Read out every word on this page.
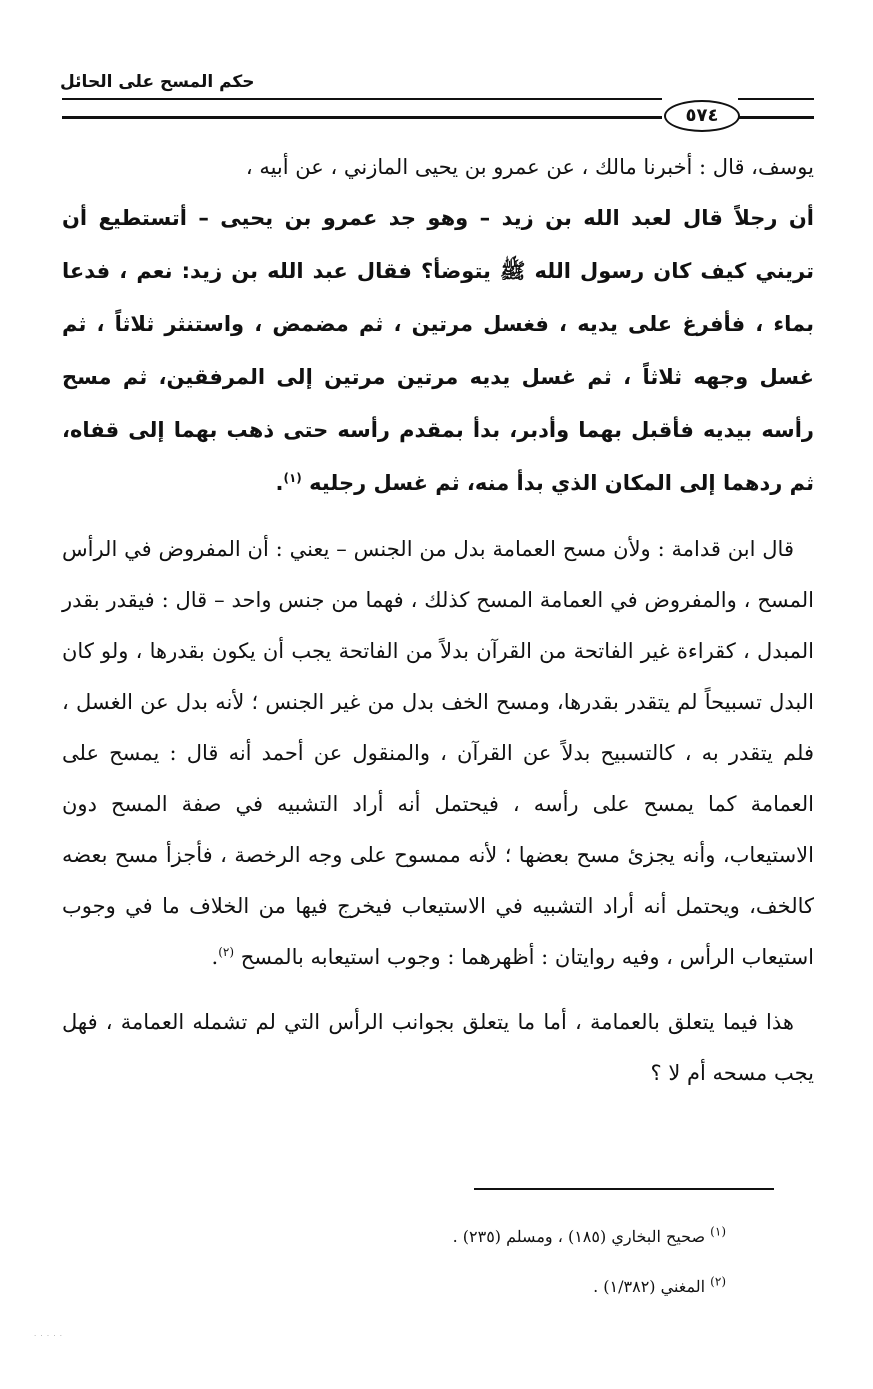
حكم المسح على الحائل
٥٧٤

يوسف، قال : أخبرنا مالك ، عن عمرو بن يحيى المازني ، عن أبيه ،

أن رجلاً قال لعبد الله بن زيد – وهو جد عمرو بن يحيى – أتستطيع أن تريني كيف كان رسول الله ﷺ يتوضأ؟ فقال عبد الله بن زيد: نعم ، فدعا بماء ، فأفرغ على يديه ، فغسل مرتين ، ثم مضمض ، واستنثر ثلاثاً ، ثم غسل وجهه ثلاثاً ، ثم غسل يديه مرتين مرتين إلى المرفقين، ثم مسح رأسه بيديه فأقبل بهما وأدبر، بدأ بمقدم رأسه حتى ذهب بهما إلى قفاه، ثم ردهما إلى المكان الذي بدأ منه، ثم غسل رجليه $^{(١)}$.

قال ابن قدامة : ولأن مسح العمامة بدل من الجنس – يعني : أن المفروض في الرأس المسح ، والمفروض في العمامة المسح كذلك ، فهما من جنس واحد – قال : فيقدر بقدر المبدل ، كقراءة غير الفاتحة من القرآن بدلاً من الفاتحة يجب أن يكون بقدرها ، ولو كان البدل تسبيحاً لم يتقدر بقدرها، ومسح الخف بدل من غير الجنس ؛ لأنه بدل عن الغسل ، فلم يتقدر به ، كالتسبيح بدلاً عن القرآن ، والمنقول عن أحمد أنه قال : يمسح على العمامة كما يمسح على رأسه ، فيحتمل أنه أراد التشبيه في صفة المسح دون الاستيعاب، وأنه يجزئ مسح بعضها ؛ لأنه ممسوح على وجه الرخصة ، فأجزأ مسح بعضه كالخف، ويحتمل أنه أراد التشبيه في الاستيعاب فيخرج فيها من الخلاف ما في وجوب استيعاب الرأس ، وفيه روايتان : أظهرهما : وجوب استيعابه بالمسح $^{(٢)}$.

هذا فيما يتعلق بالعمامة ، أما ما يتعلق بجوانب الرأس التي لم تشمله العمامة ، فهل يجب مسحه أم لا ؟

$^{(١)}$ صحيح البخاري (١٨٥) ، ومسلم (٢٣٥) .
$^{(٢)}$ المغني (١/٣٨٢) .
· · · · ·
